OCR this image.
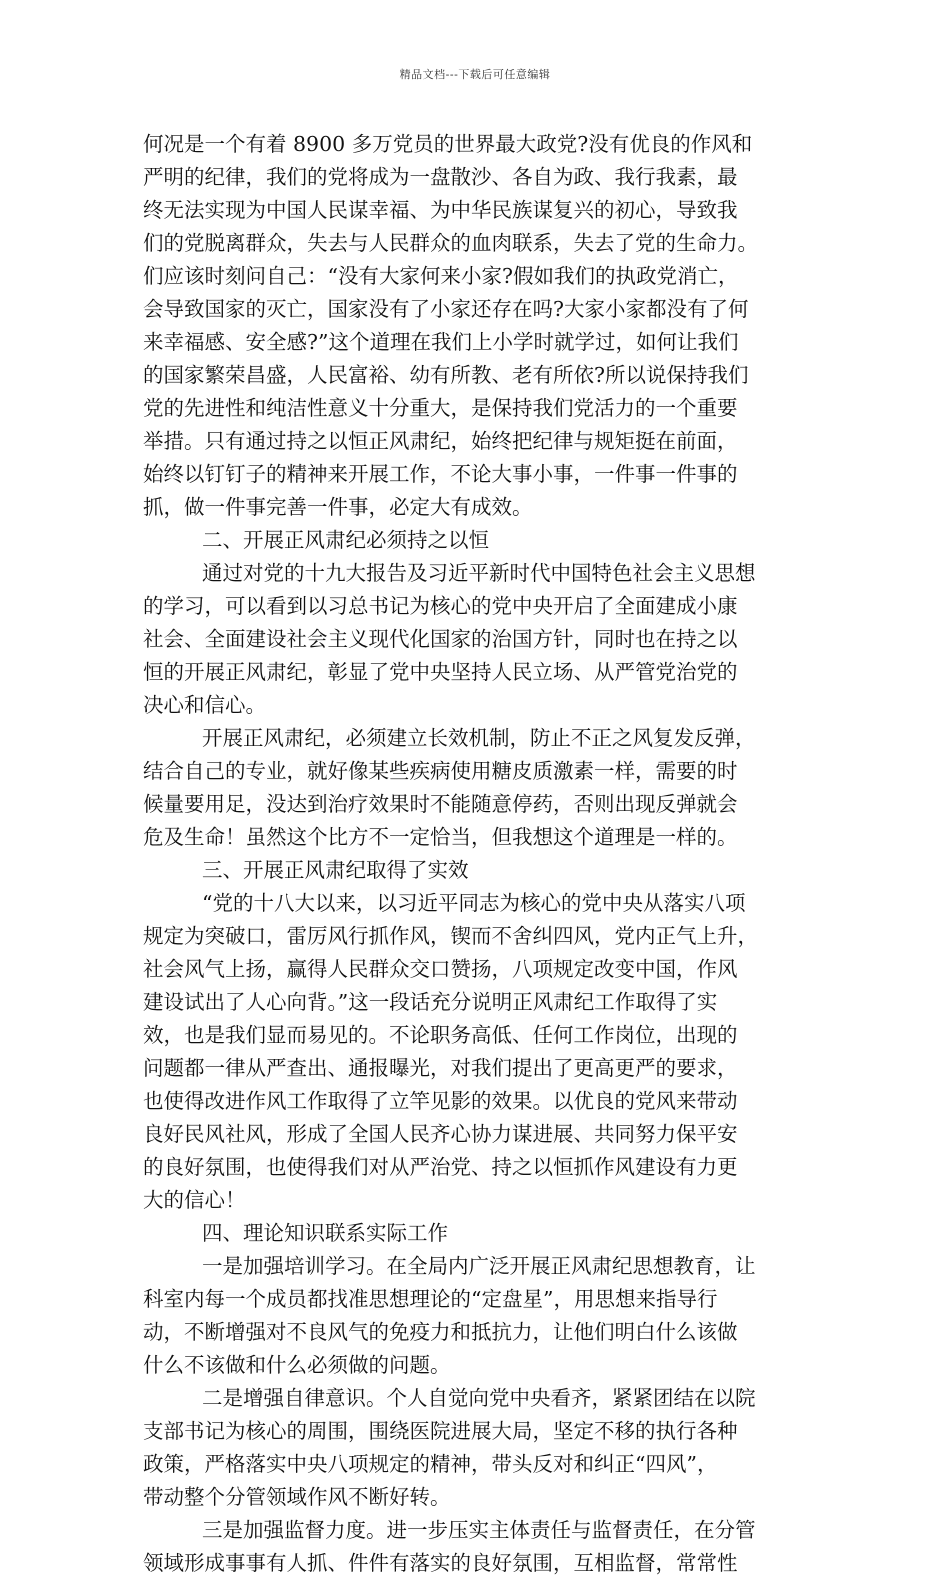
精品文档---下载后可任意编辑
何况是一个有着 8900 多万党员的世界最大政党?没有优良的作风和
严明的纪律，我们的党将成为一盘散沙、各自为政、我行我素，最
终无法实现为中国人民谋幸福、为中华民族谋复兴的初心，导致我
们的党脱离群众，失去与人民群众的血肉联系，失去了党的生命力。
们应该时刻问自己：“没有大家何来小家?假如我们的执政党消亡，
会导致国家的灭亡，国家没有了小家还存在吗?大家小家都没有了何
来幸福感、安全感?”这个道理在我们上小学时就学过，如何让我们
的国家繁荣昌盛，人民富裕、幼有所教、老有所依?所以说保持我们
党的先进性和纯洁性意义十分重大，是保持我们党活力的一个重要
举措。只有通过持之以恒正风肃纪，始终把纪律与规矩挺在前面，
始终以钉钉子的精神来开展工作，不论大事小事，一件事一件事的
抓，做一件事完善一件事，必定大有成效。
二、开展正风肃纪必须持之以恒
通过对党的十九大报告及习近平新时代中国特色社会主义思想
的学习，可以看到以习总书记为核心的党中央开启了全面建成小康
社会、全面建设社会主义现代化国家的治国方针，同时也在持之以
恒的开展正风肃纪，彰显了党中央坚持人民立场、从严管党治党的
决心和信心。
开展正风肃纪，必须建立长效机制，防止不正之风复发反弹，
结合自己的专业，就好像某些疾病使用糖皮质激素一样，需要的时
候量要用足，没达到治疗效果时不能随意停药，否则出现反弹就会
危及生命！虽然这个比方不一定恰当，但我想这个道理是一样的。
三、开展正风肃纪取得了实效
“党的十八大以来，以习近平同志为核心的党中央从落实八项
规定为突破口，雷厉风行抓作风，锲而不舍纠四风，党内正气上升，
社会风气上扬，赢得人民群众交口赞扬，八项规定改变中国，作风
建设试出了人心向背。”这一段话充分说明正风肃纪工作取得了实
效，也是我们显而易见的。不论职务高低、任何工作岗位，出现的
问题都一律从严查出、通报曝光，对我们提出了更高更严的要求，
也使得改进作风工作取得了立竿见影的效果。以优良的党风来带动
良好民风社风，形成了全国人民齐心协力谋进展、共同努力保平安
的良好氛围，也使得我们对从严治党、持之以恒抓作风建设有力更
大的信心！
四、理论知识联系实际工作
一是加强培训学习。在全局内广泛开展正风肃纪思想教育，让
科室内每一个成员都找准思想理论的“定盘星”，用思想来指导行
动，不断增强对不良风气的免疫力和抵抗力，让他们明白什么该做
什么不该做和什么必须做的问题。
二是增强自律意识。个人自觉向党中央看齐，紧紧团结在以院
支部书记为核心的周围，围绕医院进展大局，坚定不移的执行各种
政策，严格落实中央八项规定的精神，带头反对和纠正“四风”，
带动整个分管领域作风不断好转。
三是加强监督力度。进一步压实主体责任与监督责任，在分管
领域形成事事有人抓、件件有落实的良好氛围，互相监督，常常性
